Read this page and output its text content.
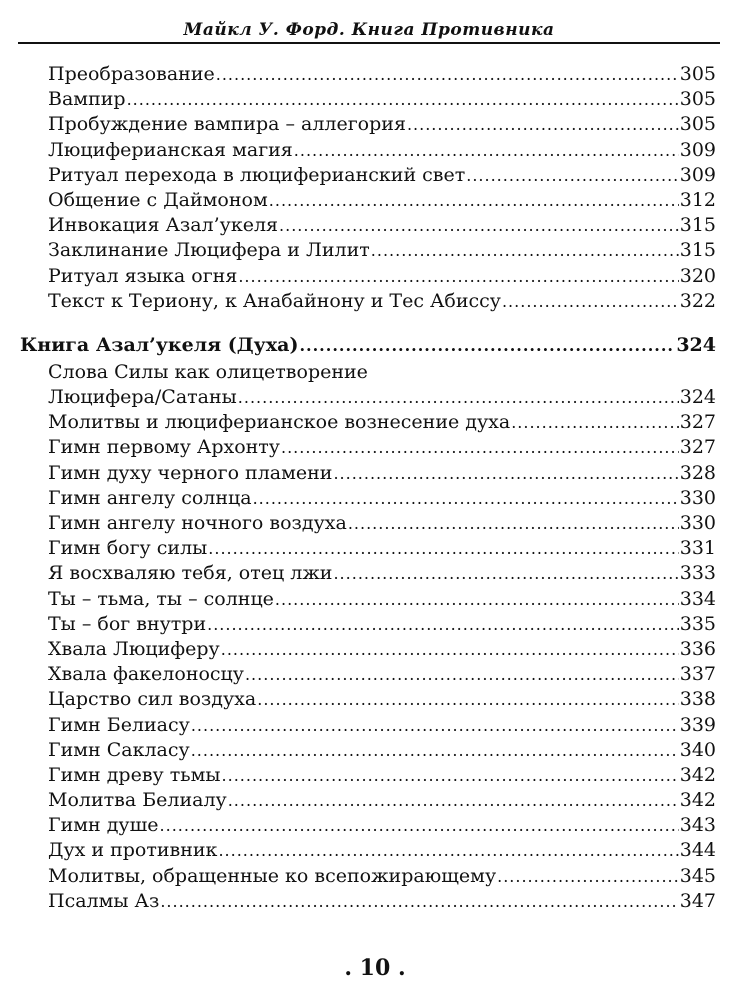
Майкл У. Форд. Книга Противника
Преобразование .....	305
Вампир .....	305
Пробуждение вампира – аллегория .....	305
Люциферианская магия .....	309
Ритуал перехода в люциферианский свет .....	309
Общение с Даймоном .....	312
Инвокация Азал’укеля .....	315
Заклинание Люцифера и Лилит .....	315
Ритуал языка огня .....	320
Текст к Териону, к Анабайнону и Тес Абиссу .....	322
Книга Азал’укеля (Духа) .....	324
Слова Силы как олицетворение
Люцифера/Сатаны .....	324
Молитвы и люциферианское вознесение духа .....	327
Гимн первому Архонту .....	327
Гимн духу черного пламени .....	328
Гимн ангелу солнца .....	330
Гимн ангелу ночного воздуха .....	330
Гимн богу силы .....	331
Я восхваляю тебя, отец лжи .....	333
Ты – тьма, ты – солнце .....	334
Ты – бог внутри .....	335
Хвала Люциферу .....	336
Хвала факелоносцу .....	337
Царство сил воздуха .....	338
Гимн Белиасу .....	339
Гимн Сакласу .....	340
Гимн древу тьмы .....	342
Молитва Белиалу .....	342
Гимн душе .....	343
Дух и противник .....	344
Молитвы, обращенные ко всепожирающему .....	345
Псалмы Аз .....	347
. 10 .
